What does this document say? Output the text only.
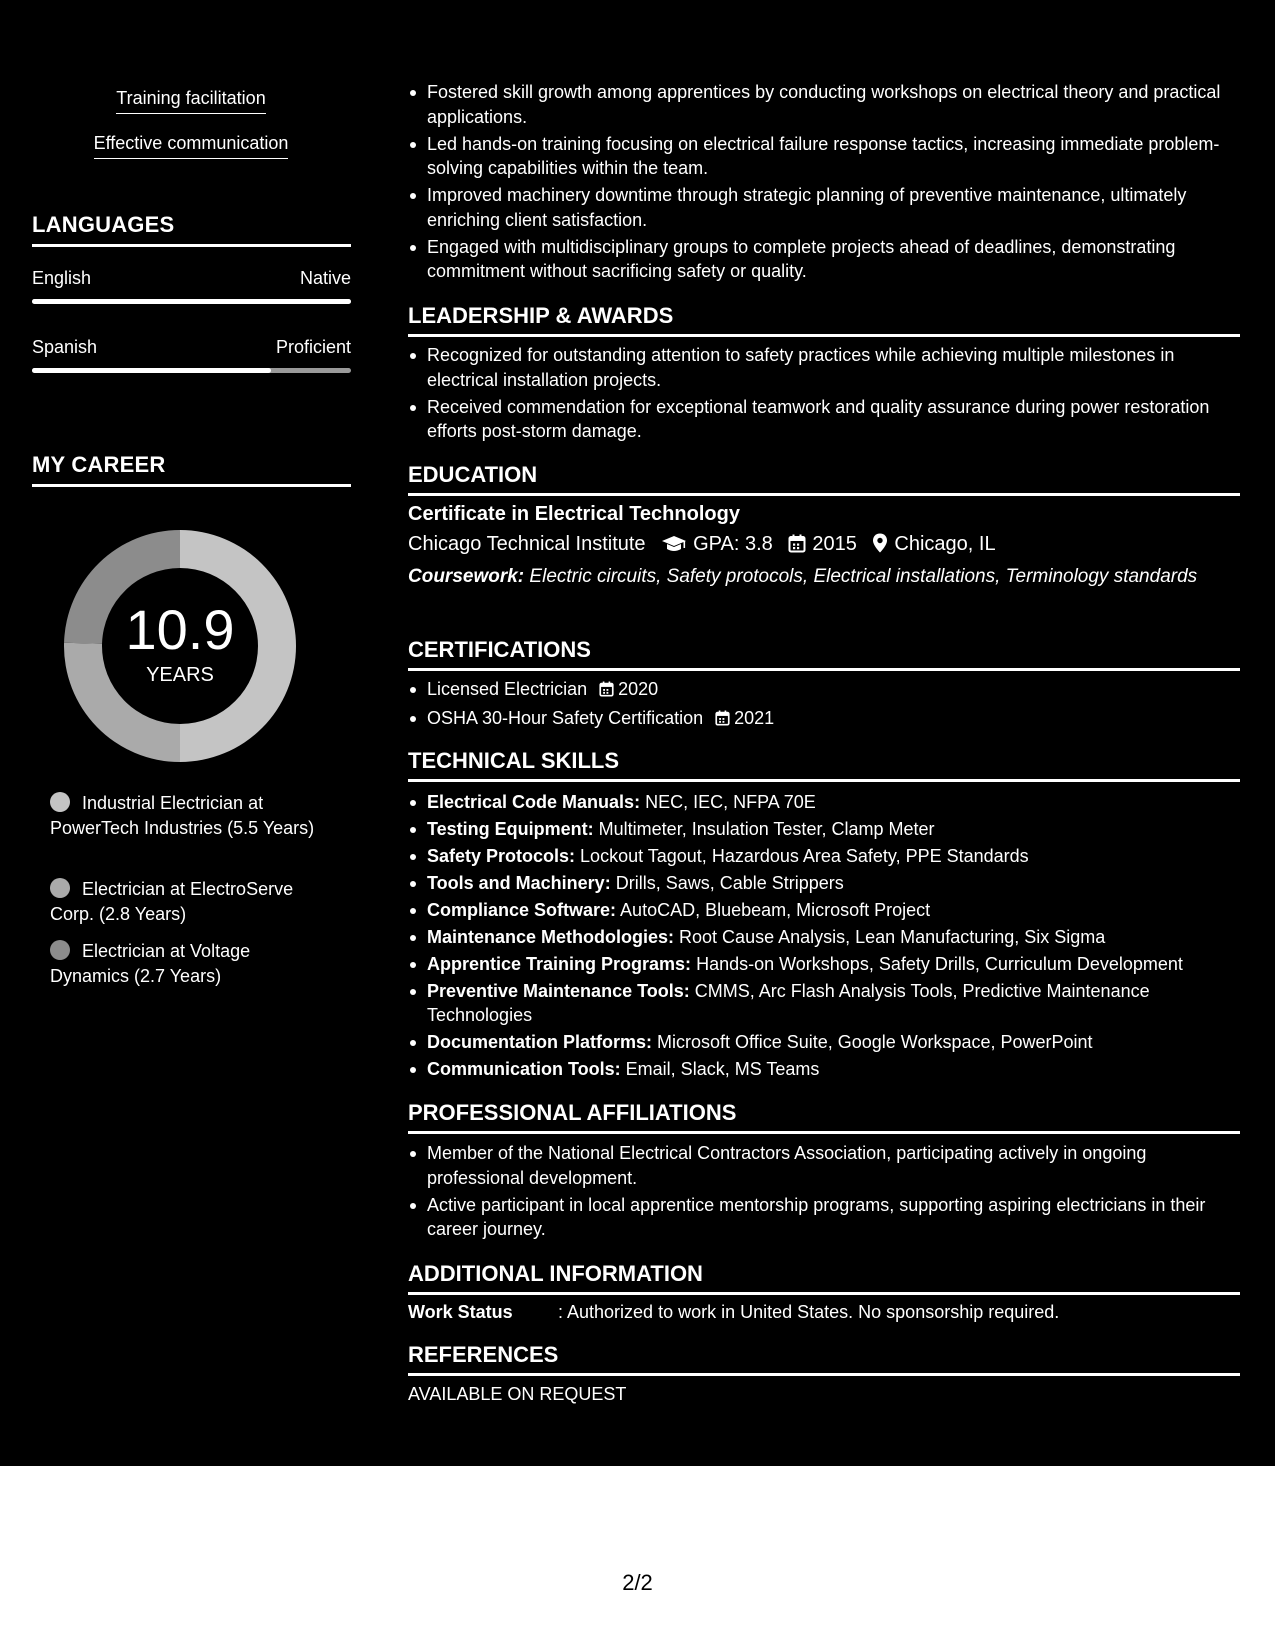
Training facilitation
Effective communication
LANGUAGES
English	Native
Spanish	Proficient
MY CAREER
10.9
YEARS
Industrial Electrician at PowerTech Industries (5.5 Years)
Electrician at ElectroServe Corp. (2.8 Years)
Electrician at Voltage Dynamics (2.7 Years)
Fostered skill growth among apprentices by conducting workshops on electrical theory and practical applications.
Led hands-on training focusing on electrical failure response tactics, increasing immediate problem-solving capabilities within the team.
Improved machinery downtime through strategic planning of preventive maintenance, ultimately enriching client satisfaction.
Engaged with multidisciplinary groups to complete projects ahead of deadlines, demonstrating commitment without sacrificing safety or quality.
LEADERSHIP & AWARDS
Recognized for outstanding attention to safety practices while achieving multiple milestones in electrical installation projects.
Received commendation for exceptional teamwork and quality assurance during power restoration efforts post-storm damage.
EDUCATION
Certificate in Electrical Technology
Chicago Technical Institute GPA: 3.8 2015 Chicago, IL
Coursework: Electric circuits, Safety protocols, Electrical installations, Terminology standards
CERTIFICATIONS
Licensed Electrician 2020
OSHA 30-Hour Safety Certification 2021
TECHNICAL SKILLS
Electrical Code Manuals: NEC, IEC, NFPA 70E
Testing Equipment: Multimeter, Insulation Tester, Clamp Meter
Safety Protocols: Lockout Tagout, Hazardous Area Safety, PPE Standards
Tools and Machinery: Drills, Saws, Cable Strippers
Compliance Software: AutoCAD, Bluebeam, Microsoft Project
Maintenance Methodologies: Root Cause Analysis, Lean Manufacturing, Six Sigma
Apprentice Training Programs: Hands-on Workshops, Safety Drills, Curriculum Development
Preventive Maintenance Tools: CMMS, Arc Flash Analysis Tools, Predictive Maintenance Technologies
Documentation Platforms: Microsoft Office Suite, Google Workspace, PowerPoint
Communication Tools: Email, Slack, MS Teams
PROFESSIONAL AFFILIATIONS
Member of the National Electrical Contractors Association, participating actively in ongoing professional development.
Active participant in local apprentice mentorship programs, supporting aspiring electricians in their career journey.
ADDITIONAL INFORMATION
Work Status	: Authorized to work in United States. No sponsorship required.
REFERENCES
AVAILABLE ON REQUEST
2/2
